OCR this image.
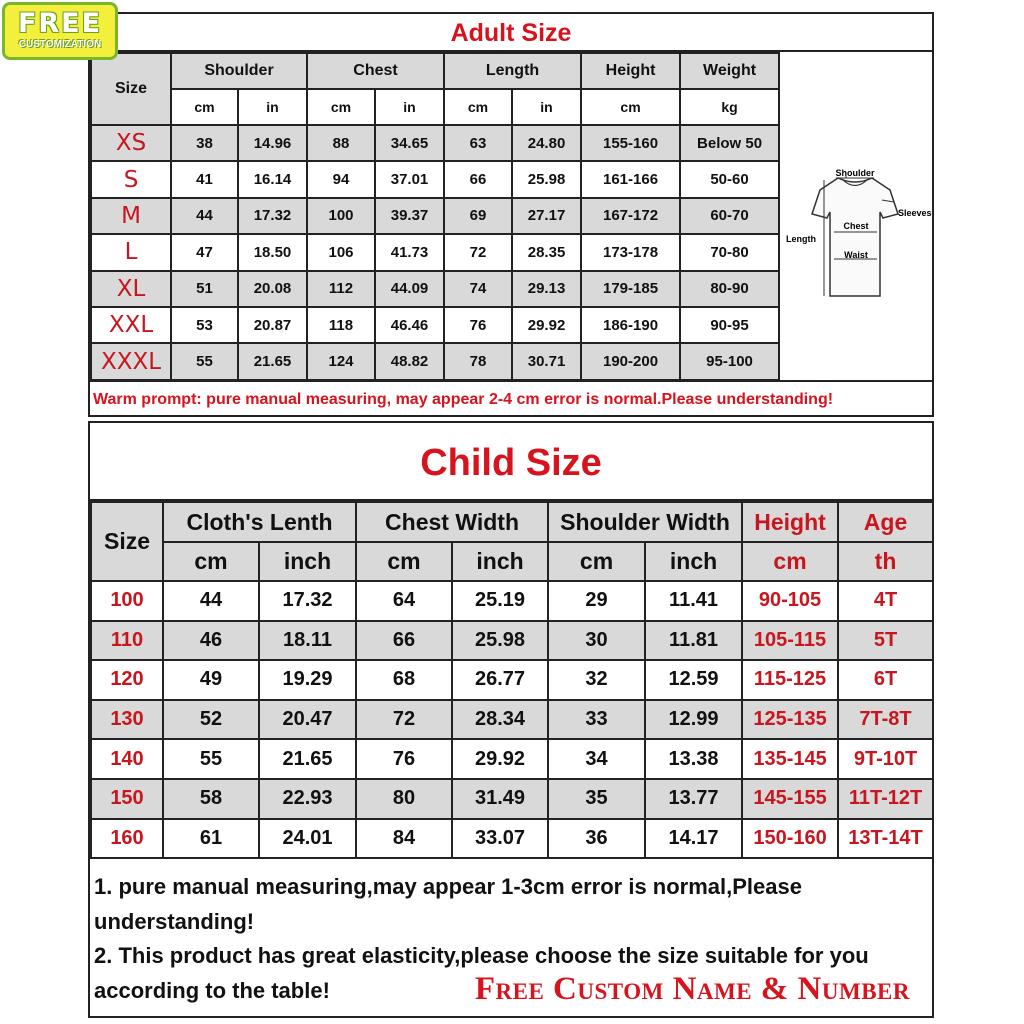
FREE
CUSTOMIZATION	Adult Size
Size	Shoulder		Chest		Length		Height	Weight
	cm	in	cm	in	cm	in	cm	kg
XS	38	14.96	88	34.65	63	24.80	155-160	Below 50
S	41	16.14	94	37.01	66	25.98	161-166	50-60
M	44	17.32	100	39.37	69	27.17	167-172	60-70
L	47	18.50	106	41.73	72	28.35	173-178	70-80
XL	51	20.08	112	44.09	74	29.13	179-185	80-90
XXL	53	20.87	118	46.46	76	29.92	186-190	90-95
XXXL	55	21.65	124	48.82	78	30.71	190-200	95-100
Shoulder
Sleeves
Chest
Length
Waist
Warm prompt: pure manual measuring, may appear 2-4 cm error is normal.Please understanding!
Child Size
Size	Cloth's Lenth		Chest Width		Shoulder Width		Height	Age
	cm	inch	cm	inch	cm	inch	cm	th
100	44	17.32	64	25.19	29	11.41	90-105	4T
110	46	18.11	66	25.98	30	11.81	105-115	5T
120	49	19.29	68	26.77	32	12.59	115-125	6T
130	52	20.47	72	28.34	33	12.99	125-135	7T-8T
140	55	21.65	76	29.92	34	13.38	135-145	9T-10T
150	58	22.93	80	31.49	35	13.77	145-155	11T-12T
160	61	24.01	84	33.07	36	14.17	150-160	13T-14T

1. pure manual measuring,may appear 1-3cm error is normal,Please understanding!

2. This product has great elasticity,please choose the size suitable for you according to the table!	Free Custom Name & Number
